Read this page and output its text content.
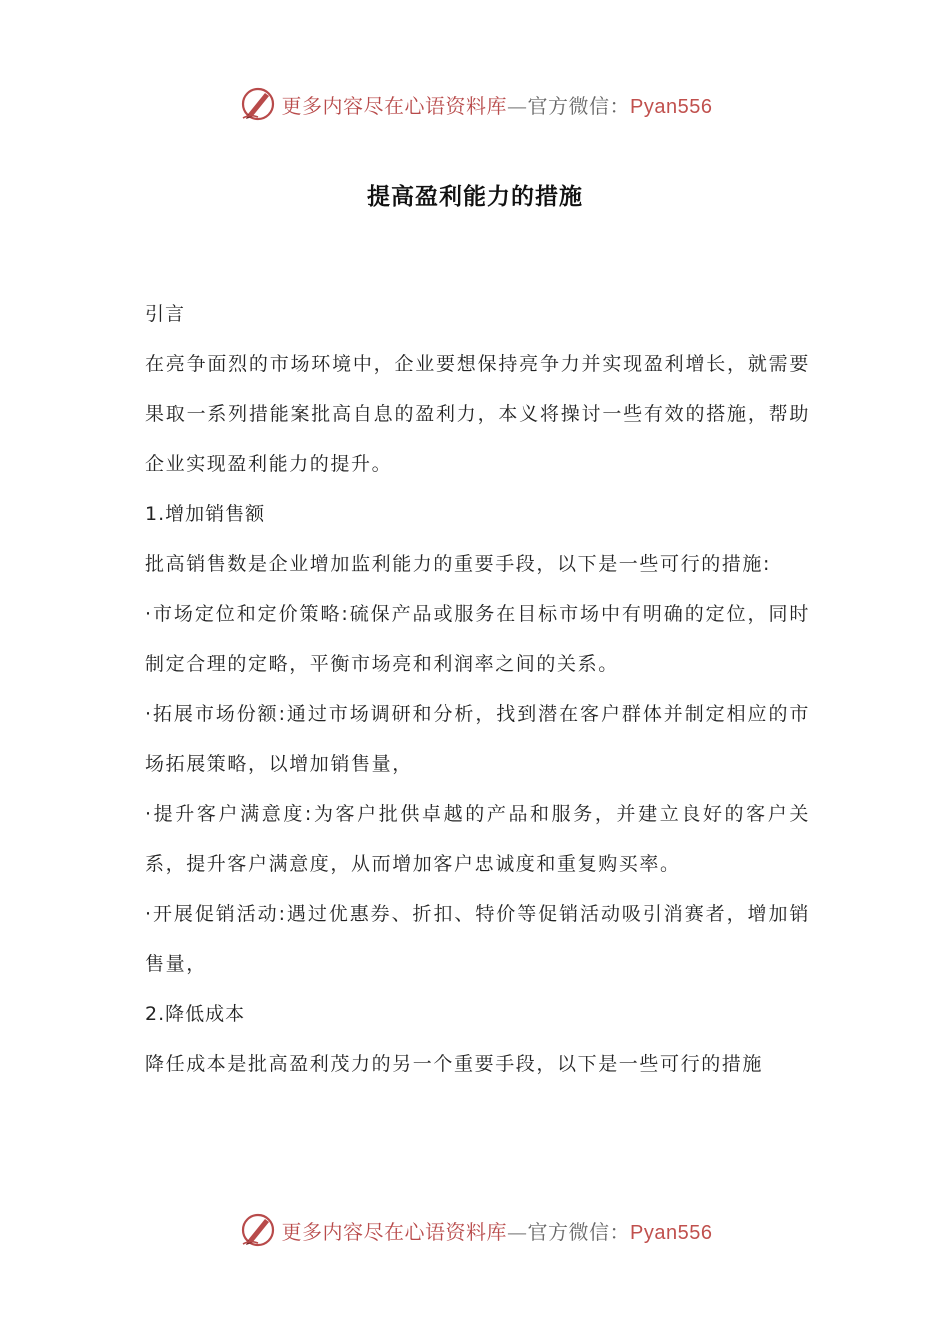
更多内容尽在心语资料库—官方微信：Pyan556
提高盈利能力的措施

引言

在亮争面烈的市场环境中，企业要想保持亮争力并实现盈利增长，就需要果取一系列措能案批高自息的盈利力，本义将操讨一些有效的搭施，帮助企业实现盈利能力的提升。

1.增加销售额

批高销售数是企业增加监利能力的重要手段，以下是一些可行的措施:

·市场定位和定价策略:硫保产品或服务在目标市场中有明确的定位，同时制定合理的定略，平衡市场亮和利润率之间的关系。

·拓展市场份额:通过市场调研和分析，找到潜在客户群体并制定相应的市场拓展策略，以增加销售量，

·提升客户满意度:为客户批供卓越的产品和服务，并建立良好的客户关系，提升客户满意度，从而增加客户忠诚度和重复购买率。

·开展促销活动:遇过优惠券、折扣、特价等促销活动吸引消赛者，增加销售量，

2.降低成本

降任成本是批高盈利茂力的另一个重要手段，以下是一些可行的措施

更多内容尽在心语资料库—官方微信：Pyan556
